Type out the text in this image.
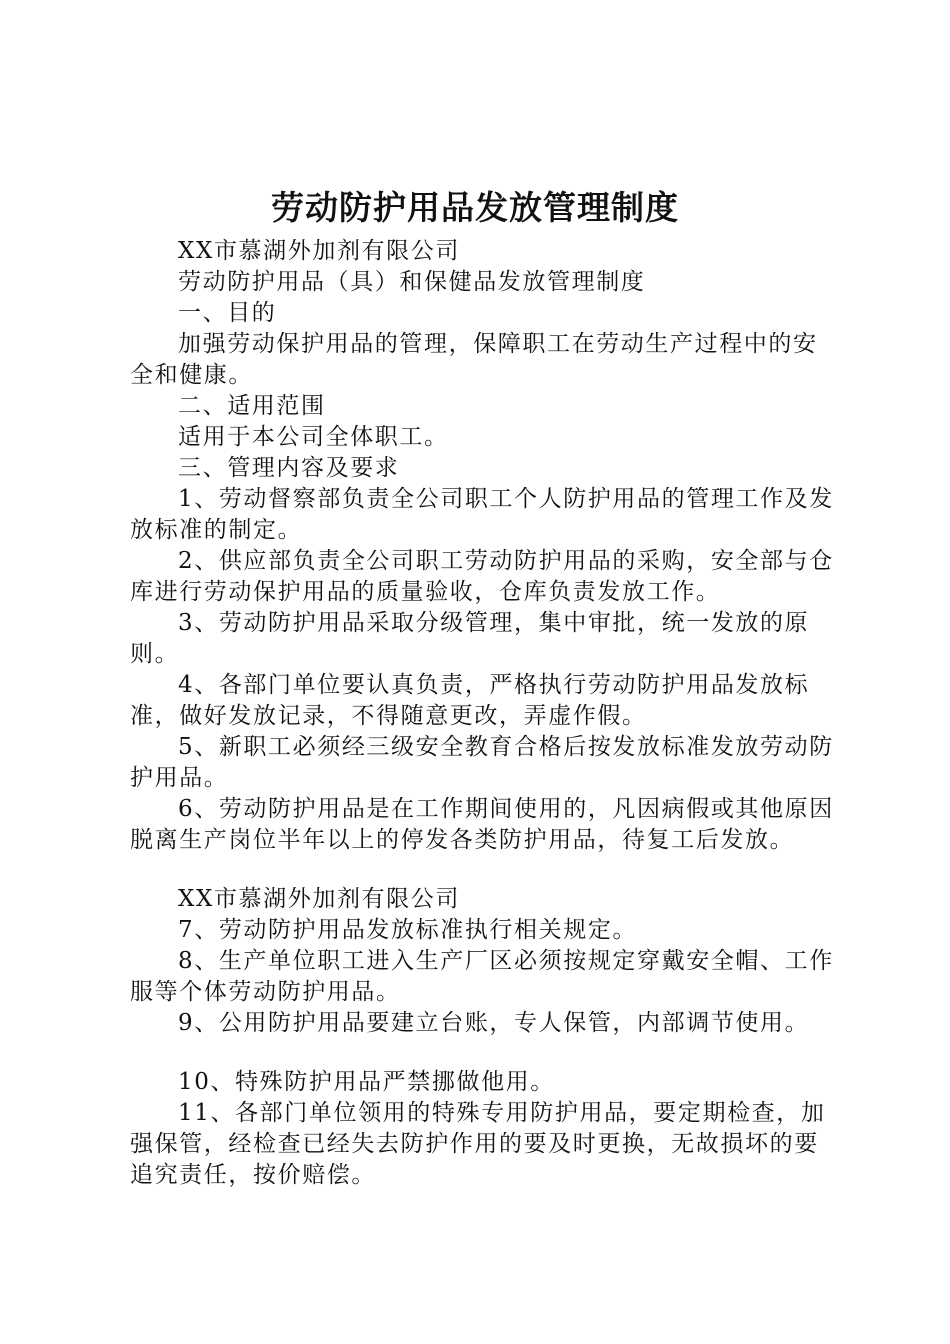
劳动防护用品发放管理制度

XX市慕湖外加剂有限公司

劳动防护用品（具）和保健品发放管理制度

一、目的

加强劳动保护用品的管理，保障职工在劳动生产过程中的安全和健康。

二、适用范围

适用于本公司全体职工。

三、管理内容及要求

1、劳动督察部负责全公司职工个人防护用品的管理工作及发放标准的制定。

2、供应部负责全公司职工劳动防护用品的采购，安全部与仓库进行劳动保护用品的质量验收，仓库负责发放工作。

3、劳动防护用品采取分级管理，集中审批，统一发放的原则。

4、各部门单位要认真负责，严格执行劳动防护用品发放标准，做好发放记录，不得随意更改，弄虚作假。

5、新职工必须经三级安全教育合格后按发放标准发放劳动防护用品。

6、劳动防护用品是在工作期间使用的，凡因病假或其他原因脱离生产岗位半年以上的停发各类防护用品，待复工后发放。

XX市慕湖外加剂有限公司

7、劳动防护用品发放标准执行相关规定。

8、生产单位职工进入生产厂区必须按规定穿戴安全帽、工作服等个体劳动防护用品。

9、公用防护用品要建立台账，专人保管，内部调节使用。

10、特殊防护用品严禁挪做他用。

11、各部门单位领用的特殊专用防护用品，要定期检查，加强保管，经检查已经失去防护作用的要及时更换，无故损坏的要追究责任，按价赔偿。
